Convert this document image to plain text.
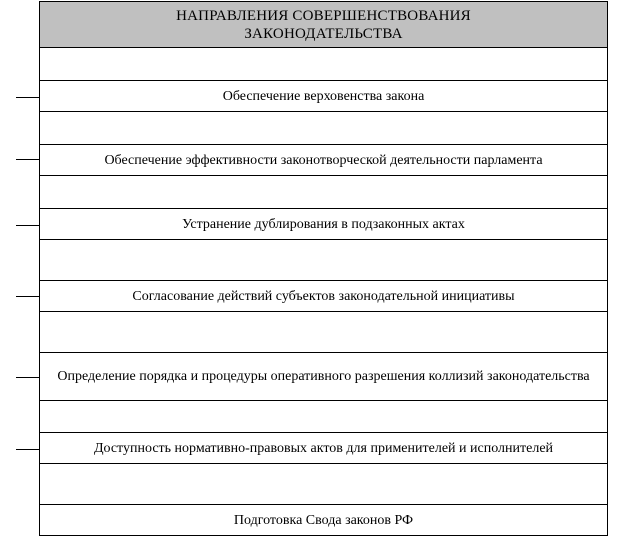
НАПРАВЛЕНИЯ СОВЕРШЕНСТВОВАНИЯ
ЗАКОНОДАТЕЛЬСТВА
Обеспечение верховенства закона
Обеспечение эффективности законотворческой деятельности парламента
Устранение дублирования в подзаконных актах
Согласование действий субъектов законодательной инициативы
Определение порядка и процедуры оперативного разрешения коллизий законодательства
Доступность нормативно-правовых актов для применителей и исполнителей
Подготовка Свода законов РФ
